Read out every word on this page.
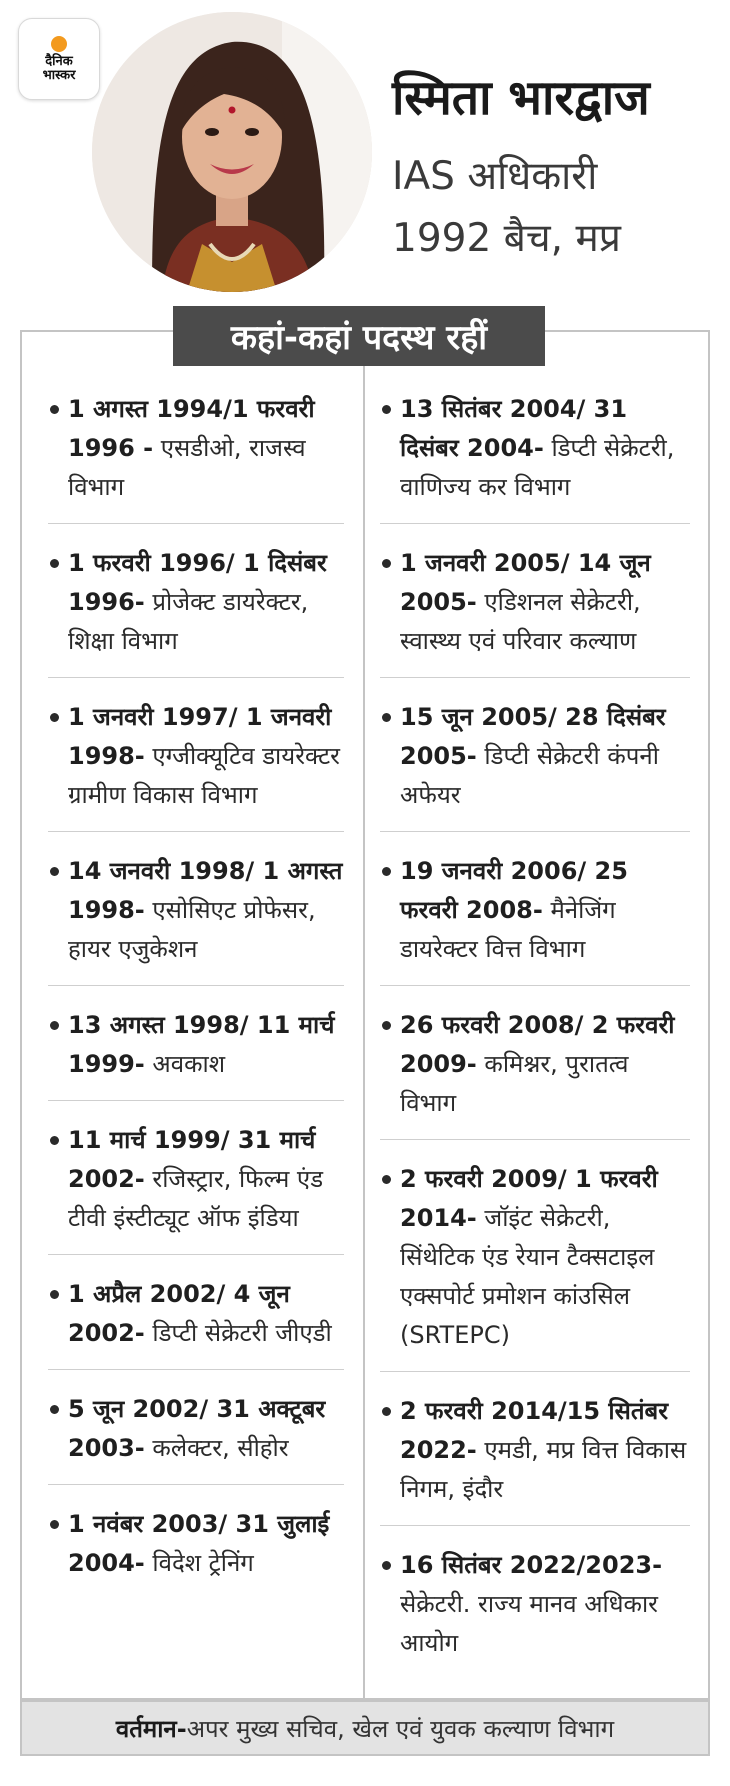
दैनिक
भास्कर	स्मिता भारद्वाज
IAS अधिकारी
1992 बैच, मप्र
कहां-कहां पदस्थ रहीं
1 अगस्त 1994/1 फरवरी 1996 - एसडीओ, राजस्व विभाग
1 फरवरी 1996/ 1 दिसंबर 1996- प्रोजेक्ट डायरेक्टर, शिक्षा विभाग
1 जनवरी 1997/ 1 जनवरी 1998- एग्जीक्यूटिव डायरेक्टर ग्रामीण विकास विभाग
14 जनवरी 1998/ 1 अगस्त 1998- एसोसिएट प्रोफेसर, हायर एजुकेशन
13 अगस्त 1998/ 11 मार्च 1999- अवकाश
11 मार्च 1999/ 31 मार्च 2002- रजिस्ट्रार, फिल्म एंड टीवी इंस्टीट्यूट ऑफ इंडिया
1 अप्रैल 2002/ 4 जून 2002- डिप्टी सेक्रेटरी जीएडी
5 जून 2002/ 31 अक्टूबर 2003- कलेक्टर, सीहोर
1 नवंबर 2003/ 31 जुलाई 2004- विदेश ट्रेनिंग
13 सितंबर 2004/ 31 दिसंबर 2004- डिप्टी सेक्रेटरी, वाणिज्य कर विभाग
1 जनवरी 2005/ 14 जून 2005- एडिशनल सेक्रेटरी, स्वास्थ्य एवं परिवार कल्याण
15 जून 2005/ 28 दिसंबर 2005- डिप्टी सेक्रेटरी कंपनी अफेयर
19 जनवरी 2006/ 25 फरवरी 2008- मैनेजिंग डायरेक्टर वित्त विभाग
26 फरवरी 2008/ 2 फरवरी 2009- कमिश्नर, पुरातत्व विभाग
2 फरवरी 2009/ 1 फरवरी 2014- जॉइंट सेक्रेटरी, सिंथेटिक एंड रेयान टैक्सटाइल एक्सपोर्ट प्रमोशन कांउसिल (SRTEPC)
2 फरवरी 2014/15 सितंबर 2022- एमडी, मप्र वित्त विकास निगम, इंदौर
16 सितंबर 2022/2023- सेक्रेटरी. राज्य मानव अधिकार आयोग
वर्तमान- अपर मुख्य सचिव, खेल एवं युवक कल्याण विभाग
